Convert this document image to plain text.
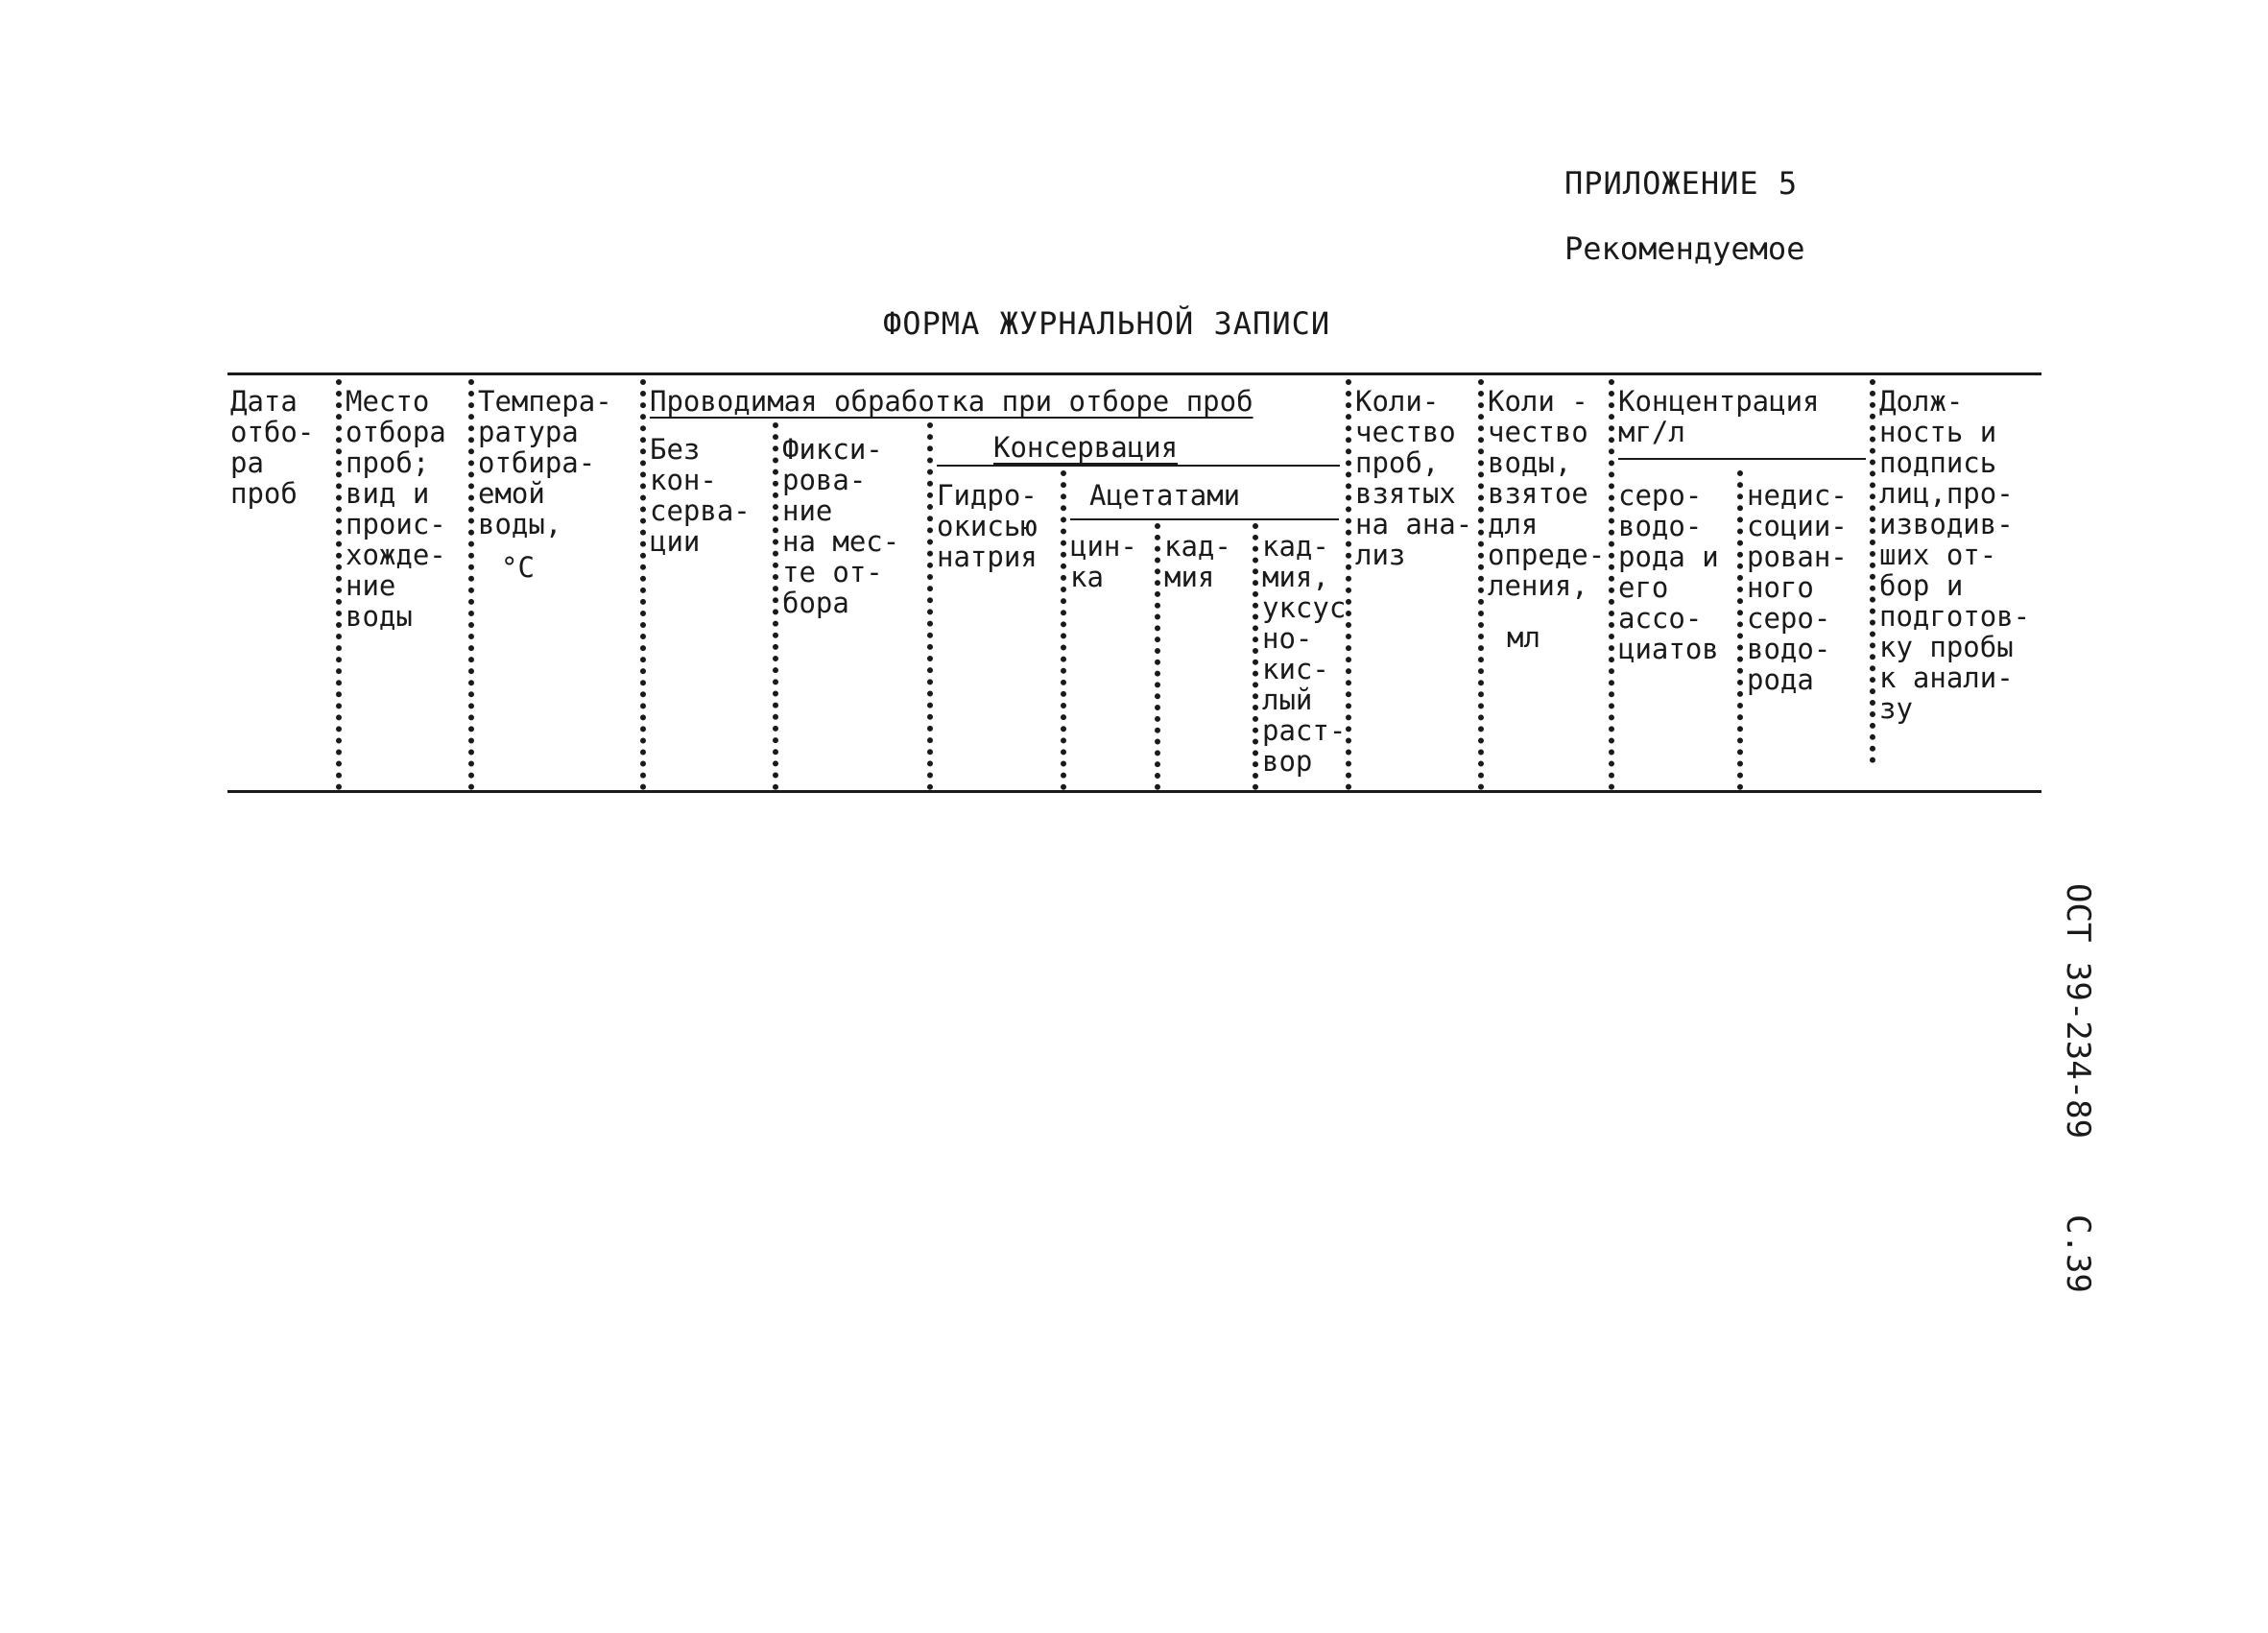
ПРИЛОЖЕНИЕ 5
Рекомендуемое
ФОРМА ЖУРНАЛЬНОЙ ЗАПИСИ
Дата
отбо-
ра
проб
Место
отбора
проб;
вид и
проис-
хожде-
ние
воды
Темпера-
ратура
отбира-
емой
воды,
°С
Проводимая обработка при отборе проб
Без
кон-
серва-
ции
Фикси-
рова-
ние
на мес-
те от-
бора
Консервация
Гидро-
окисью
натрия
Ацетатами
цин-
ка
кад-
мия
кад-
мия,
уксус
но-
кис-
лый
раст-
вор
Коли-
чество
проб,
взятых
на ана-
лиз
Коли -
чество
воды,
взятое
для
опреде-
ления,
мл
Концентрация
мг/л
серо-
водо-
рода и
его
ассо-
циатов
недис-
соции-
рован-
ного
серо-
водо-
рода
Долж-
ность и
подпись
лиц,про-
изводив-
ших от-
бор и
подготов-
ку пробы
к анали-
зу
ОСТ 39-234-89
С.39
